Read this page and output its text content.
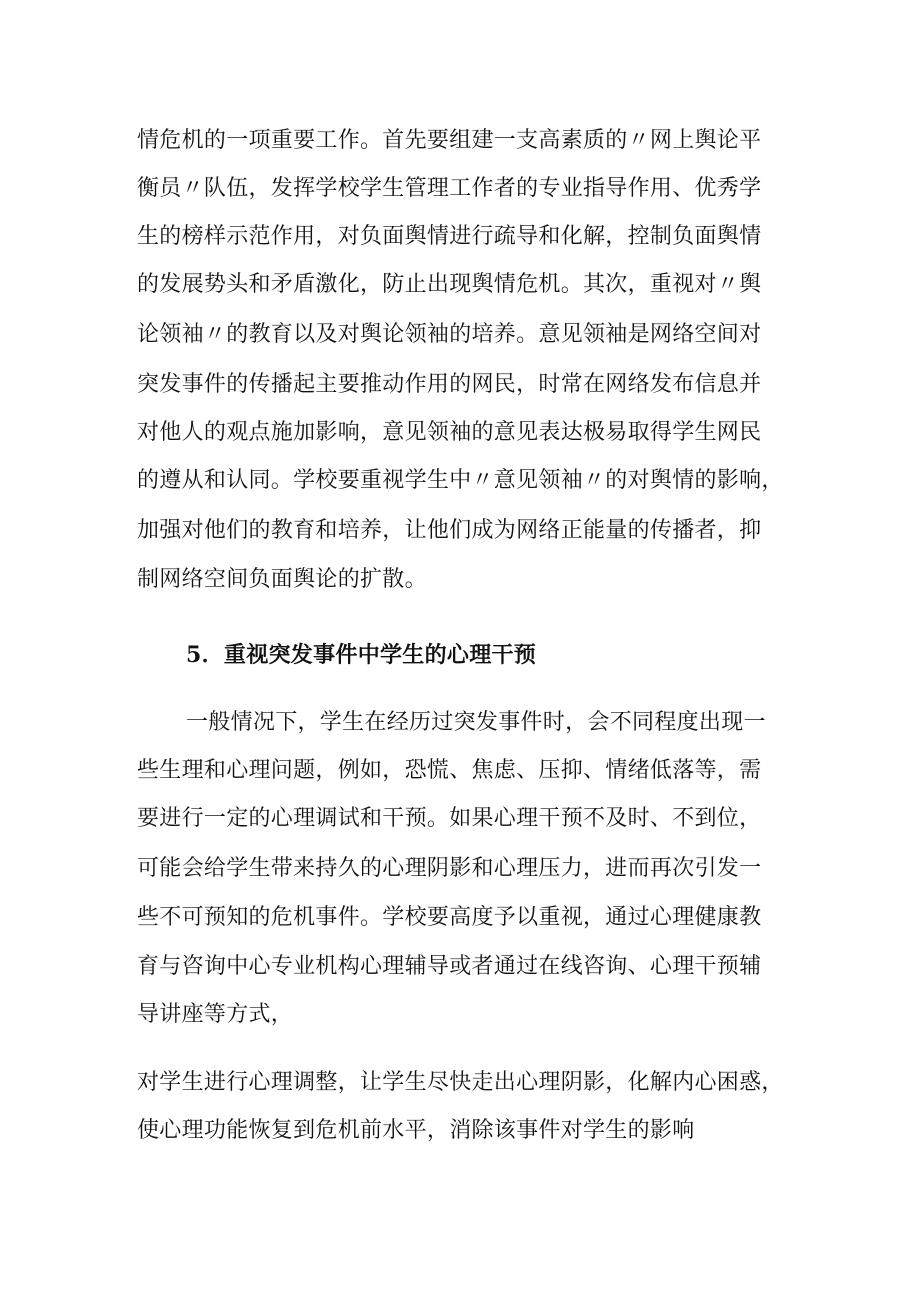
情危机的一项重要工作。首先要组建一支高素质的〃网上舆论平
衡员〃队伍，发挥学校学生管理工作者的专业指导作用、优秀学
生的榜样示范作用，对负面舆情进行疏导和化解，控制负面舆情
的发展势头和矛盾激化，防止出现舆情危机。其次，重视对〃舆
论领袖〃的教育以及对舆论领袖的培养。意见领袖是网络空间对
突发事件的传播起主要推动作用的网民，时常在网络发布信息并
对他人的观点施加影响，意见领袖的意见表达极易取得学生网民
的遵从和认同。学校要重视学生中〃意见领袖〃的对舆情的影响，
加强对他们的教育和培养，让他们成为网络正能量的传播者，抑
制网络空间负面舆论的扩散。
5．重视突发事件中学生的心理干预
一般情况下，学生在经历过突发事件时，会不同程度出现一
些生理和心理问题，例如，恐慌、焦虑、压抑、情绪低落等，需
要进行一定的心理调试和干预。如果心理干预不及时、不到位，
可能会给学生带来持久的心理阴影和心理压力，进而再次引发一
些不可预知的危机事件。学校要高度予以重视，通过心理健康教
育与咨询中心专业机构心理辅导或者通过在线咨询、心理干预辅
导讲座等方式，
对学生进行心理调整，让学生尽快走出心理阴影，化解内心困惑，
使心理功能恢复到危机前水平，消除该事件对学生的影响
